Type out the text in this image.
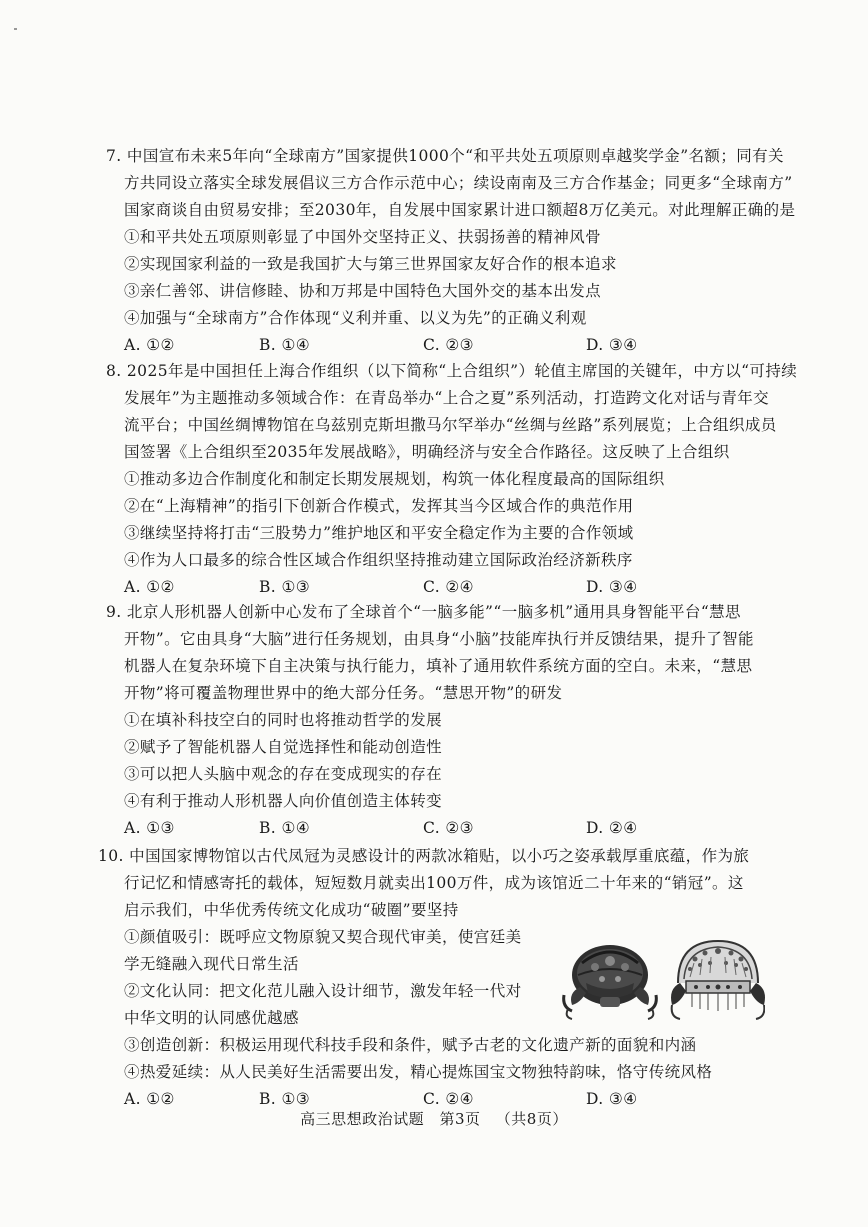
7. 中国宣布未来5年向“全球南方”国家提供1000个“和平共处五项原则卓越奖学金”名额；同有关
方共同设立落实全球发展倡议三方合作示范中心；续设南南及三方合作基金；同更多“全球南方”
国家商谈自由贸易安排；至2030年，自发展中国家累计进口额超8万亿美元。对此理解正确的是
①和平共处五项原则彰显了中国外交坚持正义、扶弱扬善的精神风骨
②实现国家利益的一致是我国扩大与第三世界国家友好合作的根本追求
③亲仁善邻、讲信修睦、协和万邦是中国特色大国外交的基本出发点
④加强与“全球南方”合作体现“义利并重、以义为先”的正确义利观
A. ①②	B. ①④	C. ②③	D. ③④
8. 2025年是中国担任上海合作组织（以下简称“上合组织”）轮值主席国的关键年，中方以“可持续
发展年”为主题推动多领域合作：在青岛举办“上合之夏”系列活动，打造跨文化对话与青年交
流平台；中国丝绸博物馆在乌兹别克斯坦撒马尔罕举办“丝绸与丝路”系列展览；上合组织成员
国签署《上合组织至2035年发展战略》，明确经济与安全合作路径。这反映了上合组织
①推动多边合作制度化和制定长期发展规划，构筑一体化程度最高的国际组织
②在“上海精神”的指引下创新合作模式，发挥其当今区域合作的典范作用
③继续坚持将打击“三股势力”维护地区和平安全稳定作为主要的合作领域
④作为人口最多的综合性区域合作组织坚持推动建立国际政治经济新秩序
A. ①②	B. ①③	C. ②④	D. ③④
9. 北京人形机器人创新中心发布了全球首个“一脑多能”“一脑多机”通用具身智能平台“慧思
开物”。它由具身“大脑”进行任务规划，由具身“小脑”技能库执行并反馈结果，提升了智能
机器人在复杂环境下自主决策与执行能力，填补了通用软件系统方面的空白。未来，“慧思
开物”将可覆盖物理世界中的绝大部分任务。“慧思开物”的研发
①在填补科技空白的同时也将推动哲学的发展
②赋予了智能机器人自觉选择性和能动创造性
③可以把人头脑中观念的存在变成现实的存在
④有利于推动人形机器人向价值创造主体转变
A. ①③	B. ①④	C. ②③	D. ②④
10. 中国国家博物馆以古代凤冠为灵感设计的两款冰箱贴，以小巧之姿承载厚重底蕴，作为旅
行记忆和情感寄托的载体，短短数月就卖出100万件，成为该馆近二十年来的“销冠”。这
启示我们，中华优秀传统文化成功“破圈”要坚持
①颜值吸引：既呼应文物原貌又契合现代审美，使宫廷美
学无缝融入现代日常生活
②文化认同：把文化范儿融入设计细节，激发年轻一代对
中华文明的认同感优越感
③创造创新：积极运用现代科技手段和条件，赋予古老的文化遗产新的面貌和内涵
④热爱延续：从人民美好生活需要出发，精心提炼国宝文物独特韵味，恪守传统风格
A. ①②	B. ①③	C. ②④	D. ③④
高三思想政治试题 第3页 （共8页）
